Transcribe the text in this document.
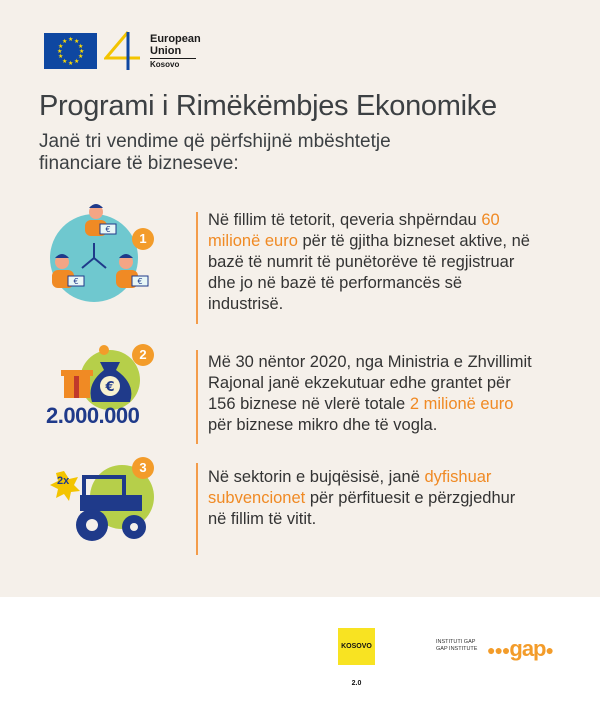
★ ★
★
★
★
★
★
★
★
★
★
★	European
Union
Kosovo
Programi i Rimëkëmbjes Ekonomike
Janë tri vendime që përfshijnë mbështetje financiare të bizneseve:
€
€	€
1
Në fillim të tetorit, qeveria shpërndau 60 milionë euro për të gjitha bizneset aktive, në bazë të numrit të punëtorëve të regjistruar dhe jo në bazë të performancës së industrisë.
€
2.000.000
2	Më 30 nëntor 2020, nga Ministria e Zhvillimit Rajonal janë ekzekutuar edhe grantet për 156 biznese në vlerë totale 2 milionë euro për biznese mikro dhe të vogla.
2x
3
Në sektorin e bujqësisë, janë dyfishuar subvencionet për përfituesit e përzgjedhur në fillim të vitit.
KOSOVO 2.0
INSTITUTI GAP
GAP INSTITUTE ●●●gap●
